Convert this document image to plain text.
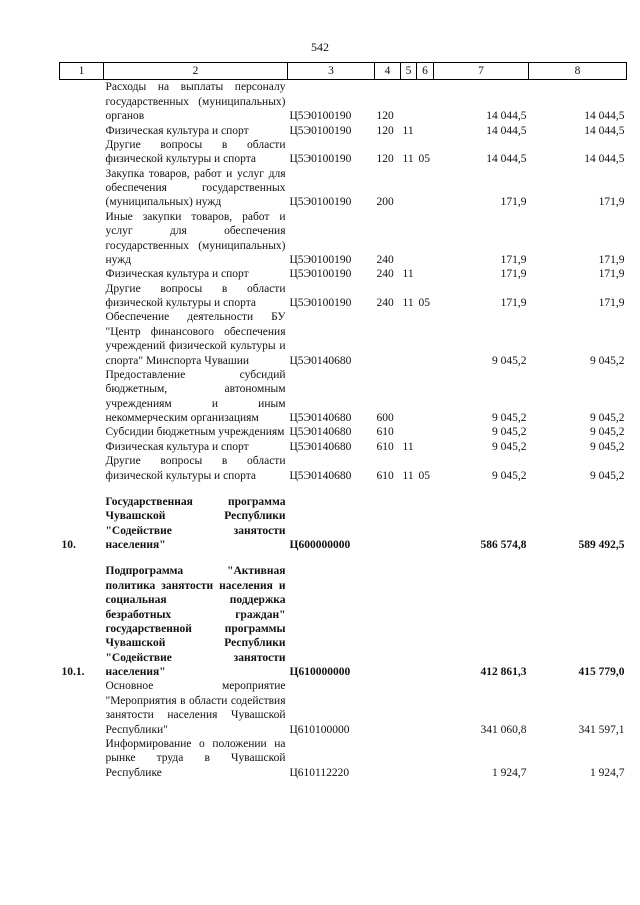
542
1	2	3	4	5	6	7	8
	Расходы на выплаты персоналу государственных (муниципальных) органов	Ц5Э0100190	120			14 044,5	14 044,5
	Физическая культура и спорт	Ц5Э0100190	120	11		14 044,5	14 044,5
	Другие вопросы в области физической культуры и спорта	Ц5Э0100190	120	11	05	14 044,5	14 044,5
	Закупка товаров, работ и услуг для обеспечения государственных (муниципальных) нужд	Ц5Э0100190	200			171,9	171,9
	Иные закупки товаров, работ и услуг для обеспечения государственных (муниципальных) нужд	Ц5Э0100190	240			171,9	171,9
	Физическая культура и спорт	Ц5Э0100190	240	11		171,9	171,9
	Другие вопросы в области физической культуры и спорта	Ц5Э0100190	240	11	05	171,9	171,9
	Обеспечение деятельности БУ "Центр финансового обеспечения учреждений физической культуры и спорта" Минспорта Чувашии	Ц5Э0140680				9 045,2	9 045,2
	Предоставление субсидий бюджетным, автономным учреждениям и иным некоммерческим организациям	Ц5Э0140680	600			9 045,2	9 045,2
	Субсидии бюджетным учреждениям	Ц5Э0140680	610			9 045,2	9 045,2
	Физическая культура и спорт	Ц5Э0140680	610	11		9 045,2	9 045,2
	Другие вопросы в области физической культуры и спорта	Ц5Э0140680	610	11	05	9 045,2	9 045,2

10.	Государственная программа Чувашской Республики "Содействие занятости населения"	Ц600000000				586 574,8	589 492,5

10.1.	Подпрограмма "Активная политика занятости населения и социальная поддержка безработных граждан" государственной программы Чувашской Республики "Содействие занятости населения"	Ц610000000				412 861,3	415 779,0
	Основное мероприятие "Мероприятия в области содействия занятости населения Чувашской Республики"	Ц610100000				341 060,8	341 597,1
	Информирование о положении на рынке труда в Чувашской Республике	Ц610112220				1 924,7	1 924,7
